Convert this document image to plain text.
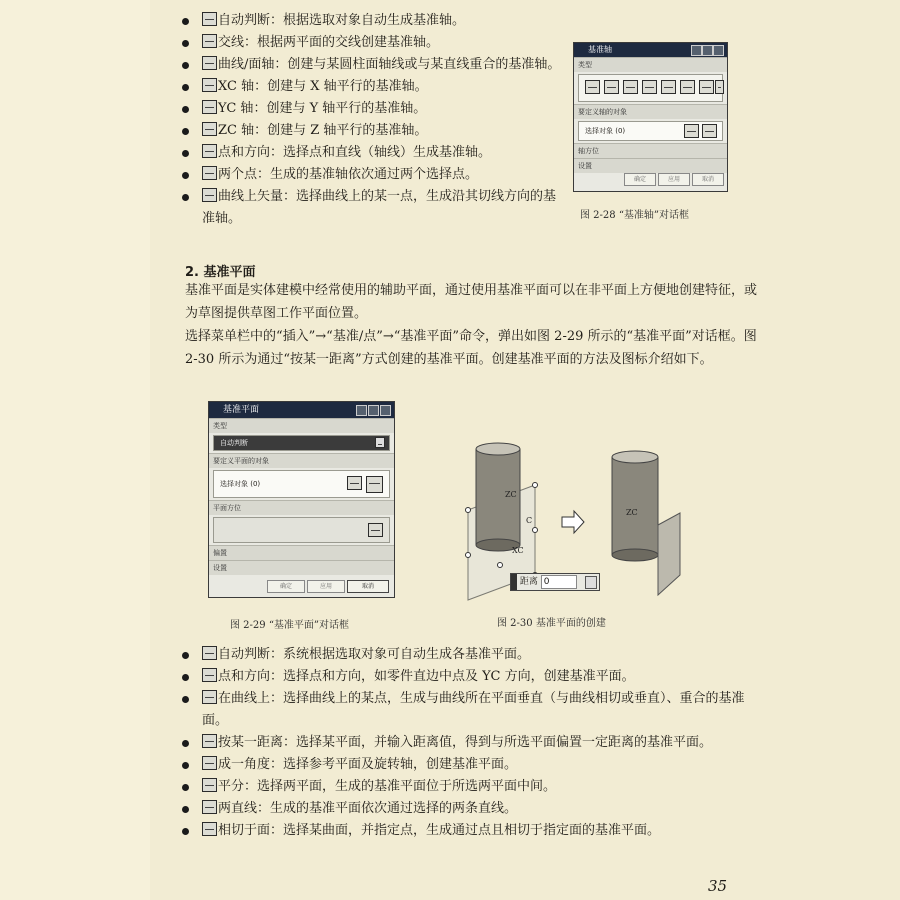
自动判断：根据选取对象自动生成基准轴。
交线：根据两平面的交线创建基准轴。
曲线/面轴：创建与某圆柱面轴线或与某直线重合的基准轴。
XC 轴：创建与 X 轴平行的基准轴。
YC 轴：创建与 Y 轴平行的基准轴。
ZC 轴：创建与 Z 轴平行的基准轴。
点和方向：选择点和直线（轴线）生成基准轴。
两个点：生成的基准轴依次通过两个选择点。
曲线上矢量：选择曲线上的某一点，生成沿其切线方向的基准轴。
基准轴
类型
要定义轴的对象
选择对象 (0)
轴方位
设置
确定	应用	取消
图 2-28 “基准轴”对话框
2. 基准平面
基准平面是实体建模中经常使用的辅助平面，通过使用基准平面可以在非平面上方便地创建特征，或为草图提供草图工作平面位置。
选择菜单栏中的“插入”→“基准/点”→“基准平面”命令，弹出如图 2-29 所示的“基准平面”对话框。图 2-30 所示为通过“按某一距离”方式创建的基准平面。创建基准平面的方法及图标介绍如下。
基准平面
类型
自动判断
要定义平面的对象
选择对象 (0)
平面方位
偏置
设置
确定	应用	取消
图 2-29 “基准平面”对话框
ZC
XC
C
ZC
距离 0
图 2-30 基准平面的创建
自动判断：系统根据选取对象可自动生成各基准平面。
点和方向：选择点和方向，如零件直边中点及 YC 方向，创建基准平面。
在曲线上：选择曲线上的某点，生成与曲线所在平面垂直（与曲线相切或垂直）、重合的基准面。
按某一距离：选择某平面，并输入距离值，得到与所选平面偏置一定距离的基准平面。
成一角度：选择参考平面及旋转轴，创建基准平面。
平分：选择两平面，生成的基准平面位于所选两平面中间。
两直线：生成的基准平面依次通过选择的两条直线。
相切于面：选择某曲面，并指定点，生成通过点且相切于指定面的基准平面。
35
